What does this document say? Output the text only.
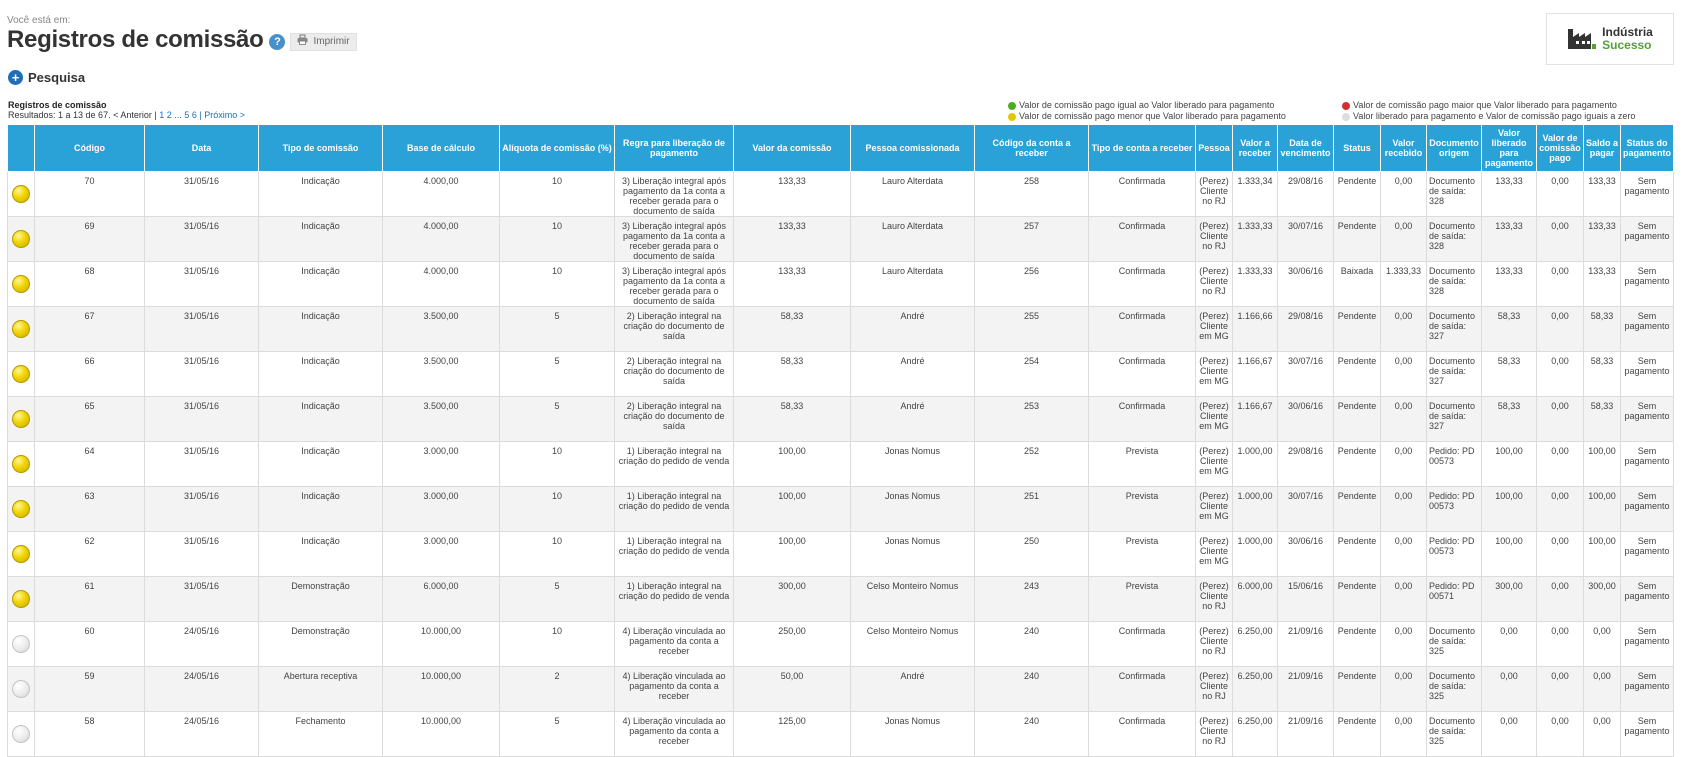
Você está em:
Registros de comissão ?	Imprimir
Indústria
Sucesso
+ Pesquisa
Registros de comissão
Resultados: 1 a 13 de 67. < Anterior | 1 2 ... 5 6 | Próximo >
Valor de comissão pago igual ao Valor liberado para pagamento
Valor de comissão pago menor que Valor liberado para pagamento
Valor de comissão pago maior que Valor liberado para pagamento
Valor liberado para pagamento e Valor de comissão pago iguais a zero
	Código	Data	Tipo de comissão	Base de cálculo	Alíquota de comissão (%)	Regra para liberação de pagamento	Valor da comissão	Pessoa comissionada	Código da conta a receber	Tipo de conta a receber	Pessoa	Valor a receber	Data de vencimento	Status	Valor recebido	Documento origem	Valor liberado para pagamento	Valor de comissão pago	Saldo a pagar	Status do pagamento

	70	31/05/16	Indicação	4.000,00	10	3) Liberação integral após pagamento da 1a conta a receber gerada para o documento de saída	133,33	Lauro Alterdata	258	Confirmada	(Perez) Cliente no RJ	1.333,34	29/08/16	Pendente	0,00	Documento de saída: 328	133,33	0,00	133,33	Sem pagamento

	69	31/05/16	Indicação	4.000,00	10	3) Liberação integral após pagamento da 1a conta a receber gerada para o documento de saída	133,33	Lauro Alterdata	257	Confirmada	(Perez) Cliente no RJ	1.333,33	30/07/16	Pendente	0,00	Documento de saída: 328	133,33	0,00	133,33	Sem pagamento

	68	31/05/16	Indicação	4.000,00	10	3) Liberação integral após pagamento da 1a conta a receber gerada para o documento de saída	133,33	Lauro Alterdata	256	Confirmada	(Perez) Cliente no RJ	1.333,33	30/06/16	Baixada	1.333,33	Documento de saída: 328	133,33	0,00	133,33	Sem pagamento

	67	31/05/16	Indicação	3.500,00	5	2) Liberação integral na criação do documento de saída	58,33	André	255	Confirmada	(Perez) Cliente em MG	1.166,66	29/08/16	Pendente	0,00	Documento de saída: 327	58,33	0,00	58,33	Sem pagamento

	66	31/05/16	Indicação	3.500,00	5	2) Liberação integral na criação do documento de saída	58,33	André	254	Confirmada	(Perez) Cliente em MG	1.166,67	30/07/16	Pendente	0,00	Documento de saída: 327	58,33	0,00	58,33	Sem pagamento

	65	31/05/16	Indicação	3.500,00	5	2) Liberação integral na criação do documento de saída	58,33	André	253	Confirmada	(Perez) Cliente em MG	1.166,67	30/06/16	Pendente	0,00	Documento de saída: 327	58,33	0,00	58,33	Sem pagamento

	64	31/05/16	Indicação	3.000,00	10	1) Liberação integral na criação do pedido de venda	100,00	Jonas Nomus	252	Prevista	(Perez) Cliente em MG	1.000,00	29/08/16	Pendente	0,00	Pedido: PD 00573	100,00	0,00	100,00	Sem pagamento

	63	31/05/16	Indicação	3.000,00	10	1) Liberação integral na criação do pedido de venda	100,00	Jonas Nomus	251	Prevista	(Perez) Cliente em MG	1.000,00	30/07/16	Pendente	0,00	Pedido: PD 00573	100,00	0,00	100,00	Sem pagamento

	62	31/05/16	Indicação	3.000,00	10	1) Liberação integral na criação do pedido de venda	100,00	Jonas Nomus	250	Prevista	(Perez) Cliente em MG	1.000,00	30/06/16	Pendente	0,00	Pedido: PD 00573	100,00	0,00	100,00	Sem pagamento

	61	31/05/16	Demonstração	6.000,00	5	1) Liberação integral na criação do pedido de venda	300,00	Celso Monteiro Nomus	243	Prevista	(Perez) Cliente no RJ	6.000,00	15/06/16	Pendente	0,00	Pedido: PD 00571	300,00	0,00	300,00	Sem pagamento

	60	24/05/16	Demonstração	10.000,00	10	4) Liberação vinculada ao pagamento da conta a receber	250,00	Celso Monteiro Nomus	240	Confirmada	(Perez) Cliente no RJ	6.250,00	21/09/16	Pendente	0,00	Documento de saída: 325	0,00	0,00	0,00	Sem pagamento

	59	24/05/16	Abertura receptiva	10.000,00	2	4) Liberação vinculada ao pagamento da conta a receber	50,00	André	240	Confirmada	(Perez) Cliente no RJ	6.250,00	21/09/16	Pendente	0,00	Documento de saída: 325	0,00	0,00	0,00	Sem pagamento

	58	24/05/16	Fechamento	10.000,00	5	4) Liberação vinculada ao pagamento da conta a receber	125,00	Jonas Nomus	240	Confirmada	(Perez) Cliente no RJ	6.250,00	21/09/16	Pendente	0,00	Documento de saída: 325	0,00	0,00	0,00	Sem pagamento
